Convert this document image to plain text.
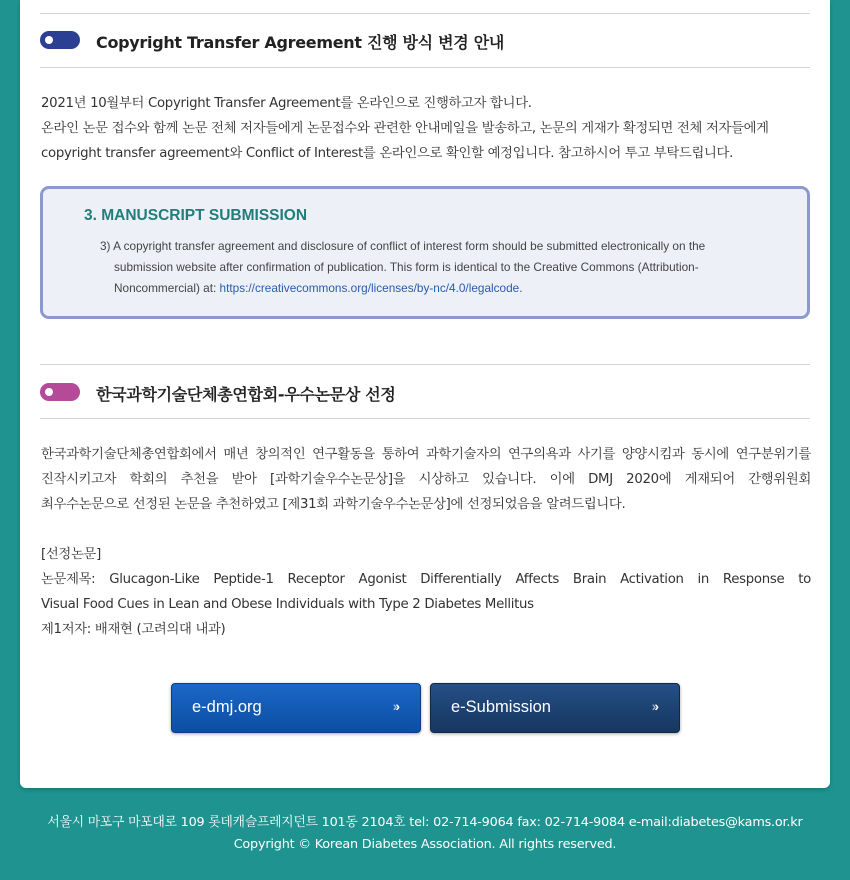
Copyright Transfer Agreement 진행 방식 변경 안내

2021년 10월부터 Copyright Transfer Agreement를 온라인으로 진행하고자 합니다.

온라인 논문 접수와 함께 논문 전체 저자들에게 논문접수와 관련한 안내메일을 발송하고, 논문의 게재가 확정되면 전체 저자들에게

copyright transfer agreement와 Conflict of Interest를 온라인으로 확인할 예정입니다. 참고하시어 투고 부탁드립니다.

3. MANUSCRIPT SUBMISSION
3) A copyright transfer agreement and disclosure of conflict of interest form should be submitted electronically on the
submission website after confirmation of publication. This form is identical to the Creative Commons (Attribution-
Noncommercial) at: https://creativecommons.org/licenses/by-nc/4.0/legalcode.
한국과학기술단체총연합회-우수논문상 선정

한국과학기술단체총연합회에서 매년 창의적인 연구활동을 통하여 과학기술자의 연구의욕과 사기를 양양시킴과 동시에 연구분위기를

진작시키고자 학회의 추천을 받아 [과학기술우수논문상]을 시상하고 있습니다. 이에 DMJ 2020에 게재되어 간행위원회

최우수논문으로 선정된 논문을 추천하였고 [제31회 과학기술우수논문상]에 선정되었음을 알려드립니다.

[선정논문]

논문제목: Glucagon-Like Peptide-1 Receptor Agonist Differentially Affects Brain Activation in Response to

Visual Food Cues in Lean and Obese Individuals with Type 2 Diabetes Mellitus

제1저자: 배재현 (고려의대 내과)

e-dmj.org	››	e-Submission	››
서울시 마포구 마포대로 109 롯데캐슬프레지던트 101동 2104호 tel: 02-714-9064 fax: 02-714-9084 e-mail:diabetes@kams.or.kr
Copyright © Korean Diabetes Association. All rights reserved.
